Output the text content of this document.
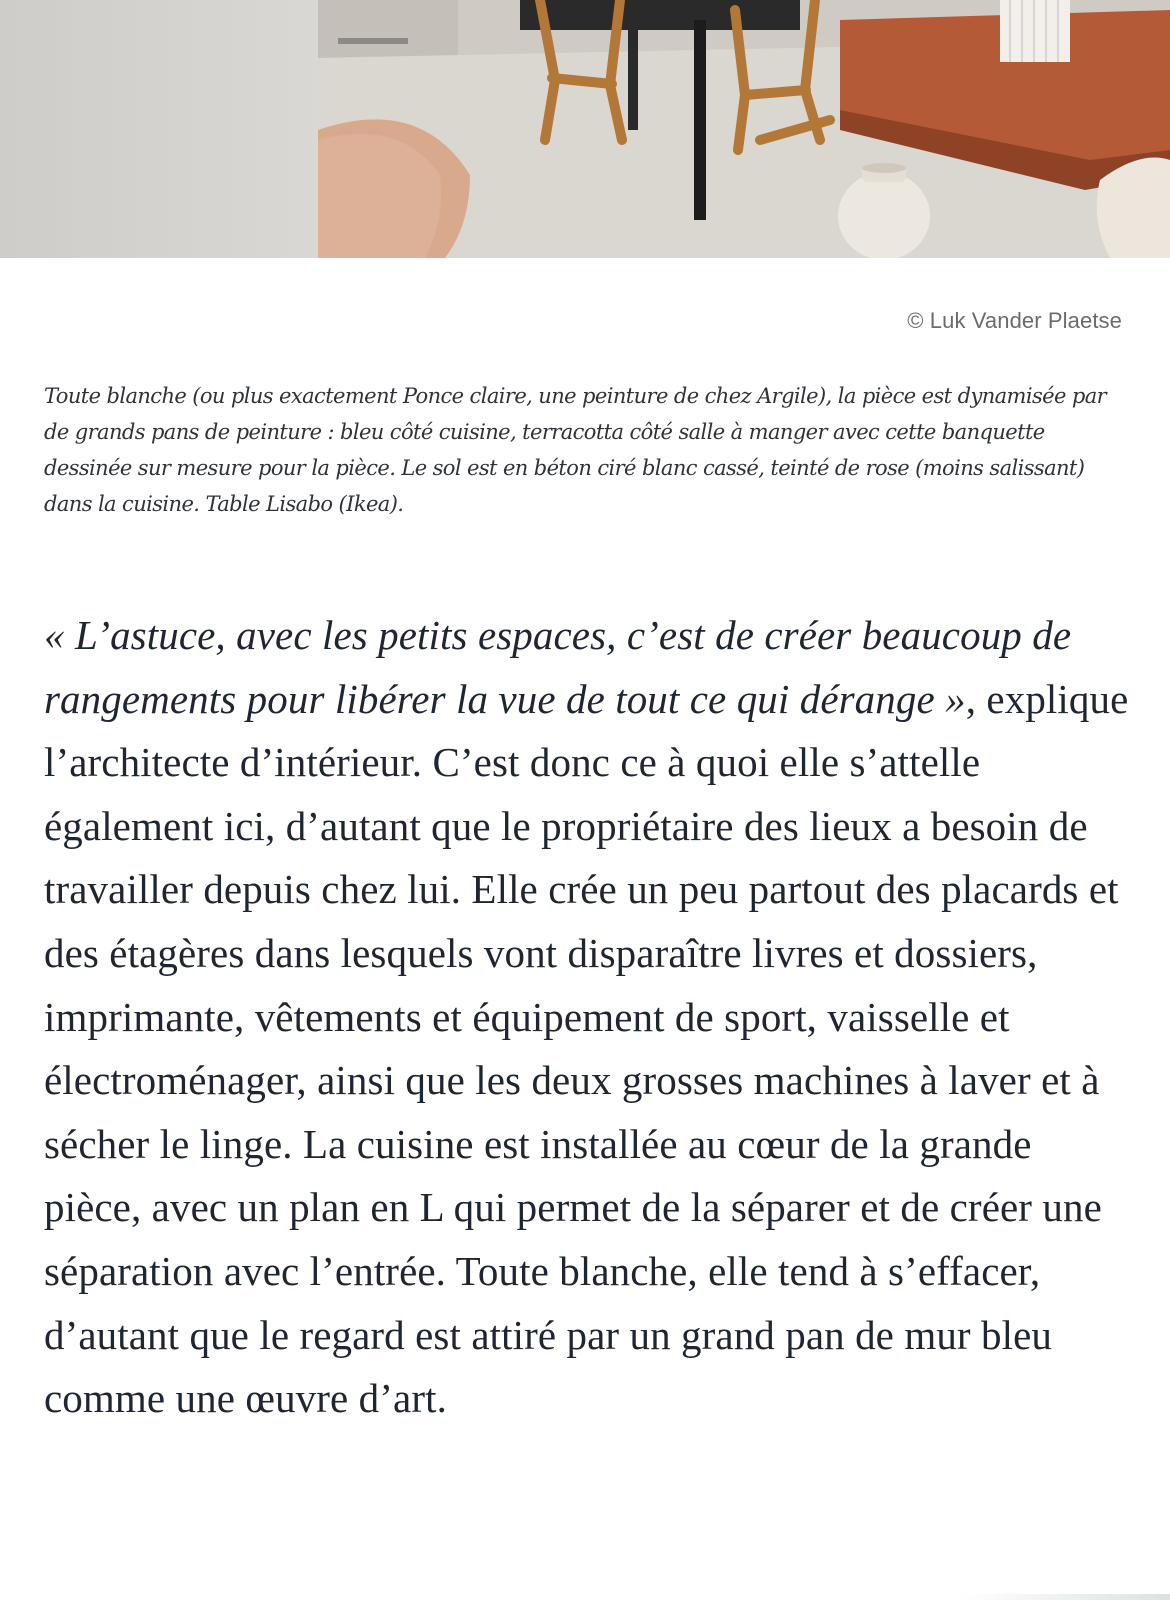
© Luk Vander Plaetse
Toute blanche (ou plus exactement Ponce claire, une peinture de chez Argile), la pièce est dynamisée par de grands pans de peinture : bleu côté cuisine, terracotta côté salle à manger avec cette banquette dessinée sur mesure pour la pièce. Le sol est en béton ciré blanc cassé, teinté de rose (moins salissant) dans la cuisine. Table Lisabo (Ikea).
« L’astuce, avec les petits espaces, c’est de créer beaucoup de rangements pour libérer la vue de tout ce qui dérange », explique l’architecte d’intérieur. C’est donc ce à quoi elle s’attelle également ici, d’autant que le propriétaire des lieux a besoin de travailler depuis chez lui. Elle crée un peu partout des placards et des étagères dans lesquels vont disparaître livres et dossiers, imprimante, vêtements et équipement de sport, vaisselle et électroménager, ainsi que les deux grosses machines à laver et à sécher le linge. La cuisine est installée au cœur de la grande pièce, avec un plan en L qui permet de la séparer et de créer une séparation avec l’entrée. Toute blanche, elle tend à s’effacer, d’autant que le regard est attiré par un grand pan de mur bleu comme une œuvre d’art.
